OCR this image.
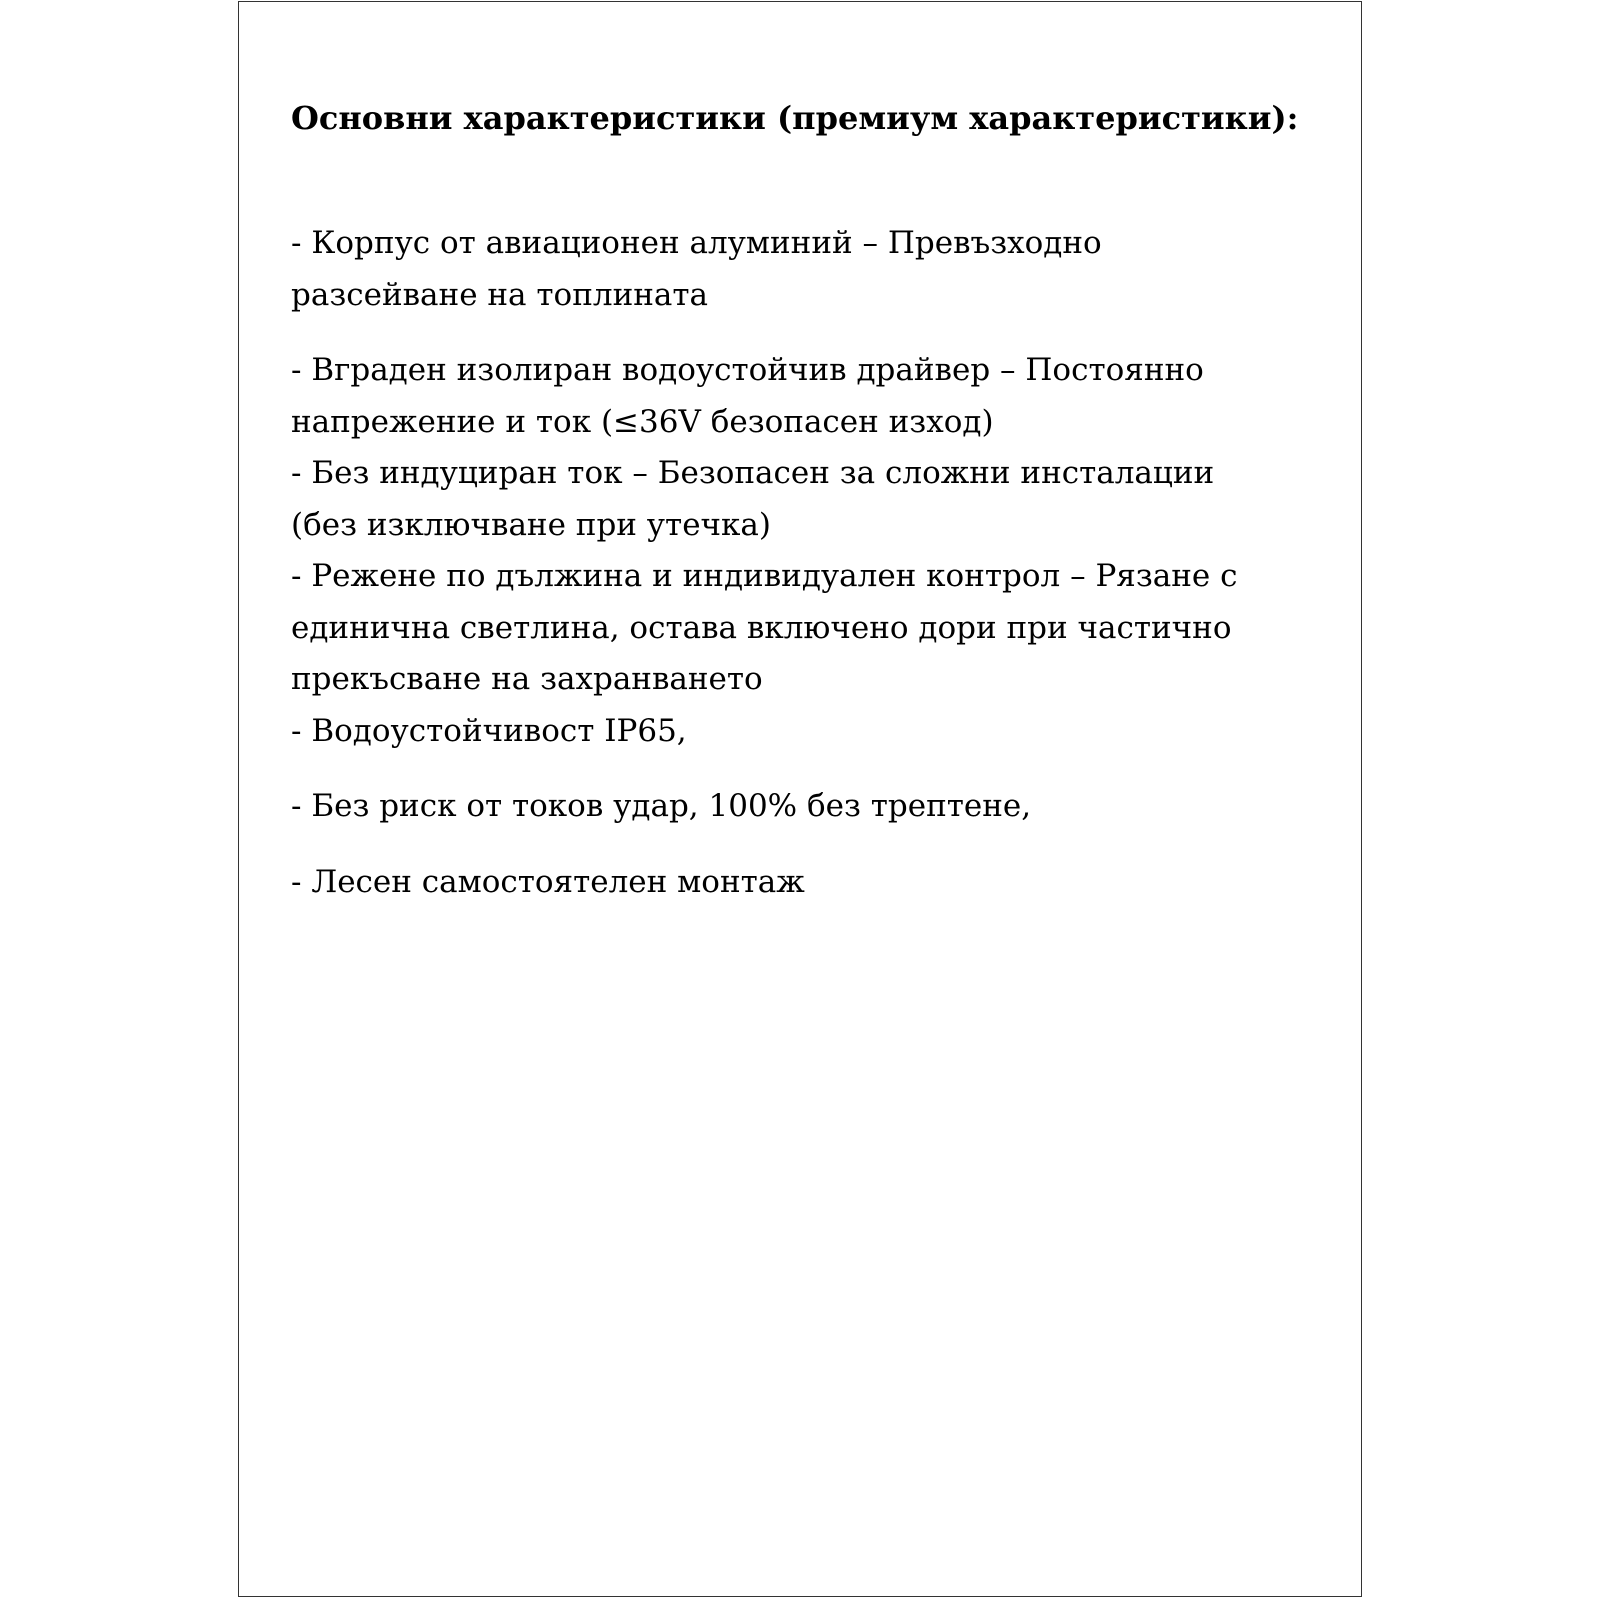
Основни характеристики (премиум характеристики):
- Корпус от авиационен алуминий – Превъзходно
разсейване на топлината
- Вграден изолиран водоустойчив драйвер – Постоянно
напрежение и ток (≤36V безопасен изход)
- Без индуциран ток – Безопасен за сложни инсталации
(без изключване при утечка)
- Режене по дължина и индивидуален контрол – Рязане с
единична светлина, остава включено дори при частично
прекъсване на захранването
- Водоустойчивост IP65,
- Без риск от токов удар, 100% без трептене,
- Лесен самостоятелен монтаж
